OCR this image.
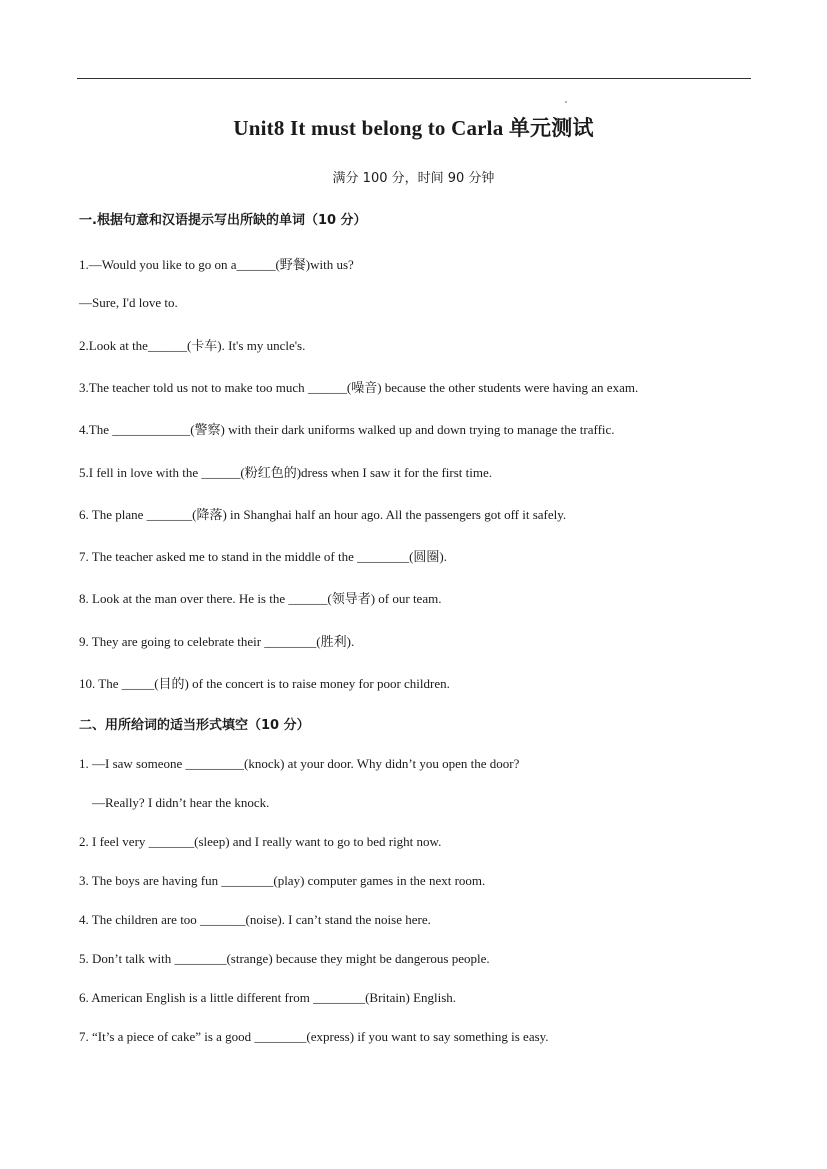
Unit8 It must belong to Carla 单元测试
满分 100 分，时间 90 分钟
一.根据句意和汉语提示写出所缺的单词（10 分）
1.—Would you like to go on a______(野餐)with us?
—Sure, I'd love to.
2.Look at the______(卡车). It's my uncle's.
3.The teacher told us not to make too much ______(噪音) because the other students were having an exam.
4.The ____________(警察) with their dark uniforms walked up and down trying to manage the traffic.
5.I fell in love with the ______(粉红色的)dress when I saw it for the first time.
6. The plane _______(降落) in Shanghai half an hour ago. All the passengers got off it safely.
7. The teacher asked me to stand in the middle of the ________(圆圈).
8. Look at the man over there. He is the ______(领导者) of our team.
9. They are going to celebrate their ________(胜利).
10. The _____(目的) of the concert is to raise money for poor children.
二、用所给词的适当形式填空（10 分）
1. —I saw someone _________(knock) at your door. Why didn’t you open the door?
—Really? I didn’t hear the knock.
2. I feel very _______(sleep) and I really want to go to bed right now.
3. The boys are having fun ________(play) computer games in the next room.
4. The children are too _______(noise). I can’t stand the noise here.
5. Don’t talk with ________(strange) because they might be dangerous people.
6. American English is a little different from ________(Britain) English.
7. “It’s a piece of cake” is a good ________(express) if you want to say something is easy.
